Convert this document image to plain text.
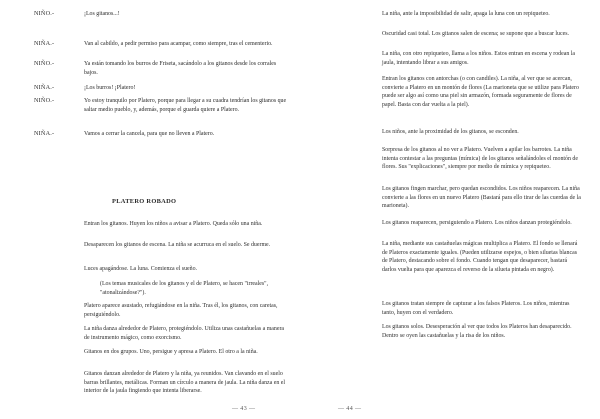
NIÑO.-	¡Los gitanos...!
NIÑA.-	Van al cabildo, a pedir permiso para acampar, como siempre, tras el cementerio.
NIÑO.-	Ya están tomando los burros de Friseta, sacándolo a los gitanos desde los corrales bajos.
NIÑA.-	¡Los burros! ¡Platero!
NIÑO.-	Yo estoy tranquilo por Platero, porque para llegar a su cuadra tendrían los gitanos que saltar medio pueblo, y, además, porque el guarda quiere a Platero.
NIÑA.-	Vamos a cerrar la cancela, para que no lleven a Platero.
PLATERO ROBADO
Entran los gitanos. Huyen los niños a avisar a Platero. Queda sólo una niña.
Desaparecen los gitanos de escena. La niña se acurruca en el suelo. Se duerme.
Luces apagándose. La luna. Comienza el sueño.
(Los temas musicales de los gitanos y el de Platero, se hacen "irreales", "atonalizándose?").
Platero aparece asustado, refugiándose en la niña. Tras él, los gitanos, con caretas, persiguiéndolo.
La niña danza alrededor de Platero, protegiéndolo. Utiliza unas castañuelas a manera de instrumento mágico, como exorcismo.
Gitanos en dos grupos. Uno, persigue y apresa a Platero. El otro a la niña.
Gitanos danzan alrededor de Platero y la niña, ya reunidos. Van clavando en el suelo barras brillantes, metálicas. Forman un círculo a manera de jaula. La niña danza en el interior de la jaula fingiendo que intenta liberarse.
— 43 —
La niña, ante la imposibilidad de salir, apaga la luna con un repiqueteo.
Oscuridad casi total. Los gitanos salen de escena; se supone que a buscar luces.
La niña, con otro repiqueteo, llama a los niños. Estos entran en escena y rodean la jaula, intentando librar a sus amigos.
Entran los gitanos con antorchas (o con candiles). La niña, al ver que se acercan, convierte a Platero en un montón de flores (La marioneta que se utilize para Platero puede ser algo así como una piel sin armazón, formada seguramente de flores de papel. Basta con dar vuelta a la piel).
Los niños, ante la proximidad de los gitanos, se esconden.
Sorpresa de los gitanos al no ver a Platero. Vuelven a apilar los barrotes. La niña intenta contestar a las preguntas (mímica) de los gitanos señalándoles el montón de flores. Sus "explicaciones", siempre por medio de mímica y repiqueteo.
Los gitanos fingen marchar, pero quedan escondidos. Los niños reaparecen. La niña convierte a las flores en un nuevo Platero (Bastará para ello tirar de las cuerdas de la marioneta).
Los gitanos reaparecen, persiguiendo a Platero. Los niños danzan protegiéndolo.
La niña, mediante sus castañuelas mágicas multiplica a Platero. El fondo se llenará de Plateros exactamente iguales. (Pueden utilizarse espejos, o bien siluetas blancas de Platero, destacando sobre el fondo. Cuando tengan que desaparecer, bastará darlos vuelta para que aparezca el reverso de la silueta pintada en negro).
Los gitanos tratan siempre de capturar a los falsos Plateros. Los niños, mientras tanto, huyen con el verdadero.
Los gitanos solos. Desesperación al ver que todos los Plateros han desaparecido. Dentro se oyen las castañuelas y la risa de los niños.
— 44 —
